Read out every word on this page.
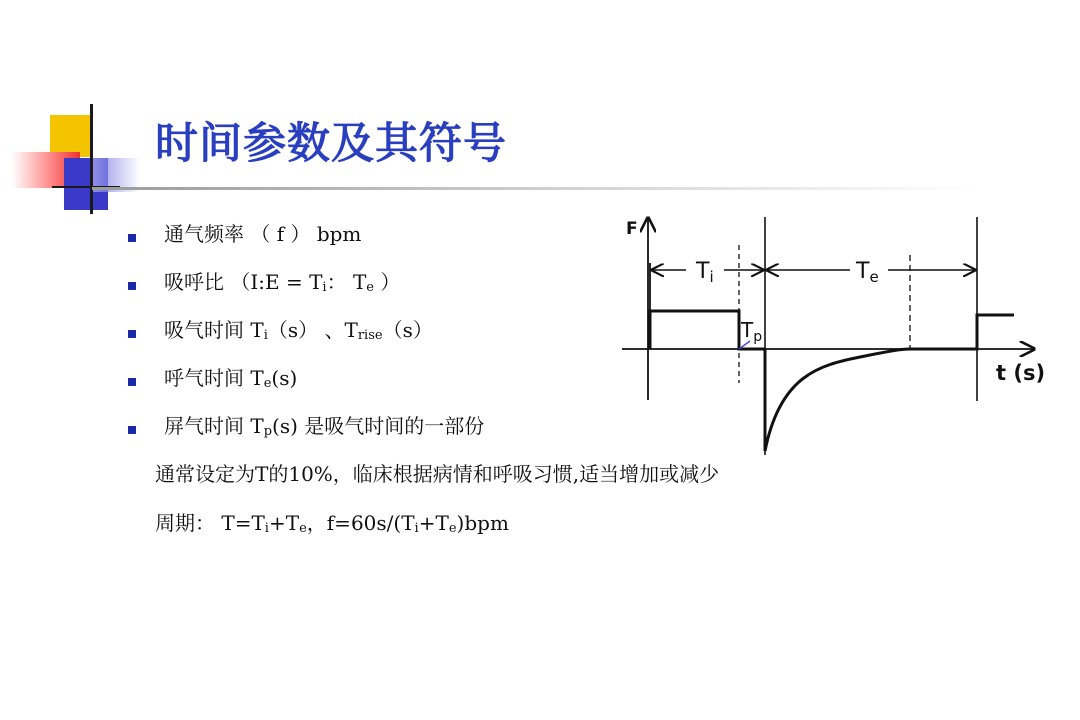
时间参数及其符号
通气频率 （ f ） bpm
吸呼比 （I:E = $T_i$： $T_e$ ）
吸气时间 $T_i(s)$ 、$T_{rise}(s)$
呼气时间 $T_e(s)$
屏气时间 $T_p(s)$ 是吸气时间的一部份

通常设定为T的10%，临床根据病情和呼吸习惯,适当增加或减少

周期： $T=T_i+T_e$，$f=60s/(T_i+T_e)bpm$

F
t (s)
Ti	Te
$T_p$
